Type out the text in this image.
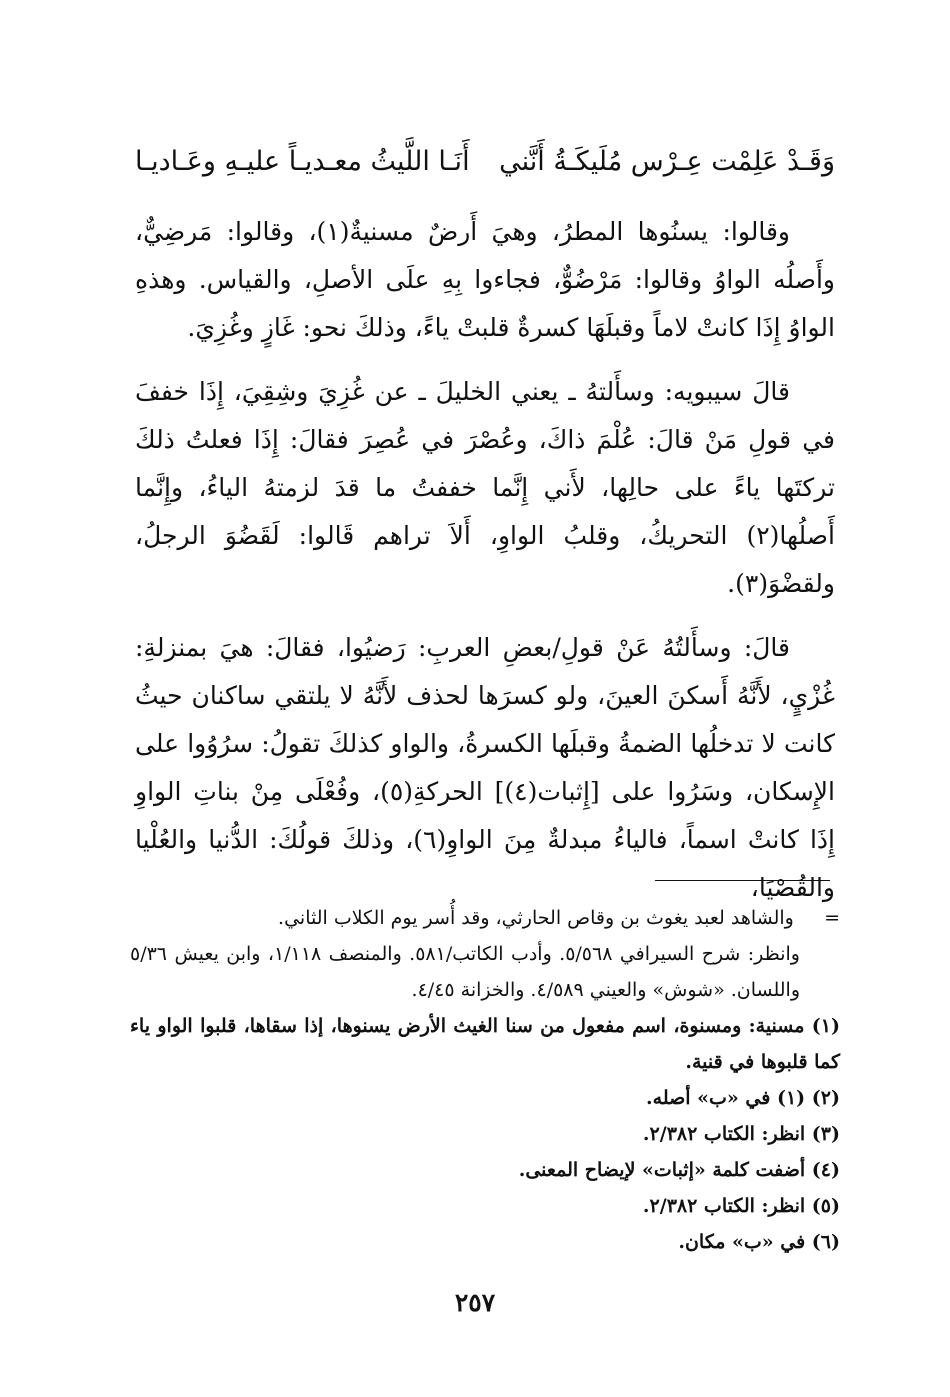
وَقَـدْ عَلِمْت عِـرْس مُلَيكَـةُ أَنَّني
أَنَـا اللَّيثُ معـديـاً عليـهِ وعَـاديـا

وقالوا: يسنُوها المطرُ، وهيَ أَرضٌ مسنيةٌ(١)، وقالوا: مَرضِيٌّ، وأَصلُه الواوُ وقالوا: مَرْضُوٌّ، فجاءوا بِهِ علَى الأصلِ، والقياس. وهذهِ الواوُ إِذَا كانتْ لاماً وقبلَهَا كسرةٌ قلبتْ ياءً، وذلكَ نحو: غَازٍ وغُزِيَ.

قالَ سيبويه: وسأَلتهُ ـ يعني الخليلَ ـ عن غُزِيَ وشِقِيَ، إِذَا خففَ في قولِ مَنْ قالَ: عُلْمَ ذاكَ، وعُصْرَ في عُصِرَ فقالَ: إِذَا فعلتُ ذلكَ تركتَها ياءً على حالِها، لأَني إِنَّما خففتُ ما قدَ لزمتهُ الياءُ، وإِنَّما أَصلُها(٢) التحريكُ، وقلبُ الواوِ، أَلاَ تراهم قَالوا: لَقَضُوَ الرجلُ، ولقضْوَ(٣).

قالَ: وسأَلتُهُ عَنْ قولِ/بعضِ العربِ: رَضيُوا، فقالَ: هيَ بمنزلةِ: غُزْيٍ، لأَنَّهُ أَسكنَ العينَ، ولو كسرَها لحذف لأَنَّهُ لا يلتقي ساكنان حيثُ كانت لا تدخلُها الضمةُ وقبلَها الكسرةُ، والواو كذلكَ تقولُ: سرُوُوا على الإِسكان، وسَرُوا على [إِثبات(٤)] الحركةِ(٥)، وفُعْلَى مِنْ بناتِ الواوِ إِذَا كانتْ اسماً، فالياءُ مبدلةٌ مِنَ الواوِ(٦)، وذلكَ قولُكَ: الدُّنيا والعُلْيا والقُصْيَا،

=     والشاهد لعبد يغوث بن وقاص الحارثي، وقد أُسر يوم الكلاب الثاني.

وانظر: شرح السيرافي ٥/٥٦٨. وأدب الكاتب/٥٨١. والمنصف ١/١١٨، وابن يعيش ٥/٣٦ واللسان. «شوش» والعيني ٤/٥٨٩. والخزانة ٤/٤٥.

(١) مسنية: ومسنوة، اسم مفعول من سنا الغيث الأرض يسنوها، إذا سقاها، قلبوا الواو ياء كما قلبوها في قنية.

(٢) (١) في «ب» أصله.

(٣) انظر: الكتاب ٢/٣٨٢.

(٤) أضفت كلمة «إثبات» لإيضاح المعنى.

(٥) انظر: الكتاب ٢/٣٨٢.

(٦) في «ب» مكان.

٢٥٧
